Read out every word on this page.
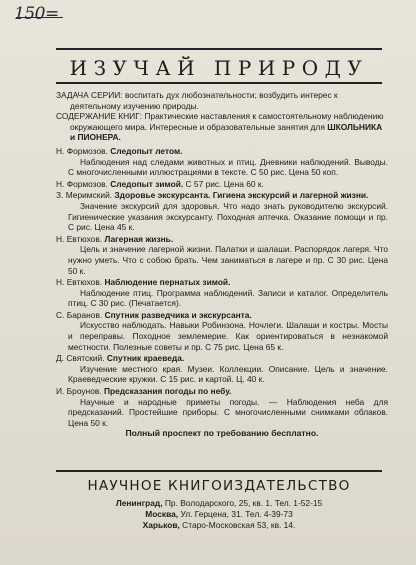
150=
ИЗУЧАЙ ПРИРОДУ

ЗАДАЧА СЕРИИ: воспитать дух любознательности; возбудить интерес к деятельному изучению природы.

СОДЕРЖАНИЕ КНИГ: Практические наставления к самостоятельному наблюдению окружающего мира. Интересные и образовательные занятия для ШКОЛЬНИКА и ПИОНЕРА.

Н. Формозов. Следопыт летом.

Наблюдения над следами животных и птиц. Дневники наблюдений. Выводы. С многочисленными иллюстрациями в тексте. С 50 рис. Цена 50 коп.

Н. Формозов. Следопыт зимой. С 57 рис. Цена 60 к.

З. Меримский. Здоровье экскурсанта. Гигиена экскурсий и лагерной жизни.

Значение экскурсий для здоровья. Что надо знать руководителю экскурсий. Гигиенические указания экскурсанту. Походная аптечка. Оказание помощи и пр. С рис. Цена 45 к.

Н. Евтюхов. Лагерная жизнь.

Цель и значение лагерной жизни. Палатки и шалаши. Распорядок лагеря. Что нужно уметь. Что с собою брать. Чем заниматься в лагере и пр. С 30 рис. Цена 50 к.

Н. Евтюхов. Наблюдение пернатых зимой.

Наблюдение птиц. Программа наблюдений. Записи и каталог. Определитель птиц. С 30 рис. (Печатается).

С. Баранов. Спутник разведчика и экскурсанта.

Искусство наблюдать. Навыки Робинзона. Ночлеги. Шалаши и костры. Мосты и переправы. Походное землемерие. Как ориентироваться в незнакомой местности. Полезные советы и пр. С 75 рис. Цена 65 к.

Д. Святский. Спутник краеведа.

Изучение местного края. Музеи. Коллекции. Описание. Цель и значение. Краеведческие кружки. С 15 рис. и картой. Ц. 40 к.

И. Броунов. Предсказания погоды по небу.

Научные и народные приметы погоды. — Наблюдения неба для предсказаний. Простейшие приборы. С многочисленными снимками облаков. Цена 50 к.

Полный проспект по требованию бесплатно.

НАУЧНОЕ КНИГОИЗДАТЕЛЬСТВО
Ленинград, Пр. Володарского, 25, кв. 1. Тел. 1-52-15
Москва, Ул. Герцена, 31. Тел. 4-39-73
Харьков, Старо-Московская 53, кв. 14.
